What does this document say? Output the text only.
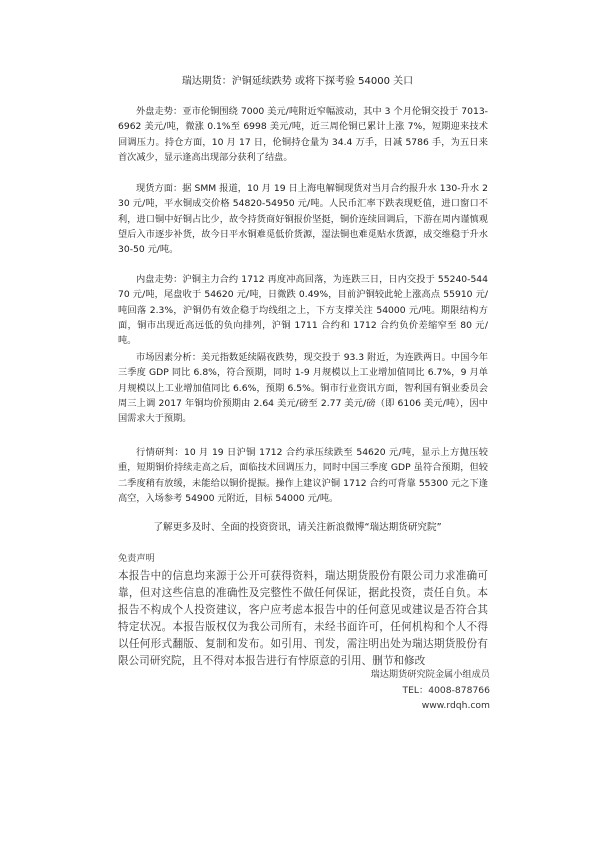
瑞达期货：沪铜延续跌势 或将下探考验 54000 关口

外盘走势：亚市伦铜围绕 7000 美元/吨附近窄幅波动，其中 3 个月伦铜交投于 7013-6962 美元/吨，微涨 0.1%至 6998 美元/吨，近三周伦铜已累计上涨 7%，短期迎来技术回调压力。持仓方面，10 月 17 日，伦铜持仓量为 34.4 万手，日减 5786 手，为五日来首次减少，显示逢高出现部分获利了结盘。

现货方面：据 SMM 报道，10 月 19 日上海电解铜现货对当月合约报升水 130-升水 230 元/吨，平水铜成交价格 54820-54950 元/吨。人民币汇率下跌表现贬值，进口窗口不利，进口铜中好铜占比少，故令持货商好铜报价坚挺，铜价连续回调后，下游在周内谨慎观望后入市逐步补货，故今日平水铜难觅低价货源，湿法铜也难觅贴水货源，成交维稳于升水 30-50 元/吨。

内盘走势：沪铜主力合约 1712 再度冲高回落，为连跌三日，日内交投于 55240-54470 元/吨，尾盘收于 54620 元/吨，日微跌 0.49%，目前沪铜较此轮上涨高点 55910 元/吨回落 2.3%，沪铜仍有效企稳于均线组之上，下方支撑关注 54000 元/吨。期限结构方面，铜市出现近高远低的负向排列，沪铜 1711 合约和 1712 合约负价差缩窄至 80 元/吨。

市场因素分析：美元指数延续隔夜跌势，现交投于 93.3 附近，为连跌两日。中国今年三季度 GDP 同比 6.8%，符合预期，同时 1-9 月规模以上工业增加值同比 6.7%，9 月单月规模以上工业增加值同比 6.6%，预期 6.5%。铜市行业资讯方面，智利国有铜业委员会周三上调 2017 年铜均价预期由 2.64 美元/磅至 2.77 美元/磅（即 6106 美元/吨），因中国需求大于预期。

行情研判：10 月 19 日沪铜 1712 合约承压续跌至 54620 元/吨，显示上方抛压较重，短期铜价持续走高之后，面临技术回调压力，同时中国三季度 GDP 虽符合预期，但较二季度稍有放缓，未能给以铜价提振。操作上建议沪铜 1712 合约可背靠 55300 元之下逢高空，入场参考 54900 元附近，目标 54000 元/吨。

了解更多及时、全面的投资资讯，请关注新浪微博“瑞达期货研究院”
免责声明

本报告中的信息均来源于公开可获得资料，瑞达期货股份有限公司力求准确可靠，但对这些信息的准确性及完整性不做任何保证，据此投资，责任自负。本报告不构成个人投资建议，客户应考虑本报告中的任何意见或建议是否符合其特定状况。本报告版权仅为我公司所有，未经书面许可，任何机构和个人不得以任何形式翻版、复制和发布。如引用、刊发，需注明出处为瑞达期货股份有限公司研究院，且不得对本报告进行有悖原意的引用、删节和修改

瑞达期货研究院金属小组成员
TEL：4008-878766
www.rdqh.com
